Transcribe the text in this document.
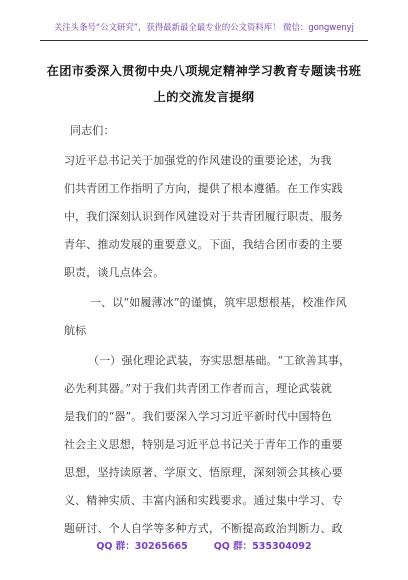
关注头条号“公文研究”，获得最新最全最专业的公文资料库！ 微信：gongwenyj
在团市委深入贯彻中央八项规定精神学习教育专题读书班
上的交流发言提纲
同志们：
习近平总书记关于加强党的作风建设的重要论述，为我
们共青团工作指明了方向，提供了根本遵循。在工作实践
中，我们深刻认识到作风建设对于共青团履行职责、服务
青年、推动发展的重要意义。下面，我结合团市委的主要
职责，谈几点体会。
一、以“如履薄冰”的谨慎，筑牢思想根基，校准作风
航标
（一）强化理论武装，夯实思想基础。“工欲善其事，
必先利其器。”对于我们共青团工作者而言，理论武装就
是我们的“器”。我们要深入学习习近平新时代中国特色
社会主义思想，特别是习近平总书记关于青年工作的重要
思想，坚持读原著、学原文、悟原理，深刻领会其核心要
义、精神实质、丰富内涵和实践要求。通过集中学习、专
题研讨、个人自学等多种方式，不断提高政治判断力、政
QQ 群：30265665	QQ 群：535304092
